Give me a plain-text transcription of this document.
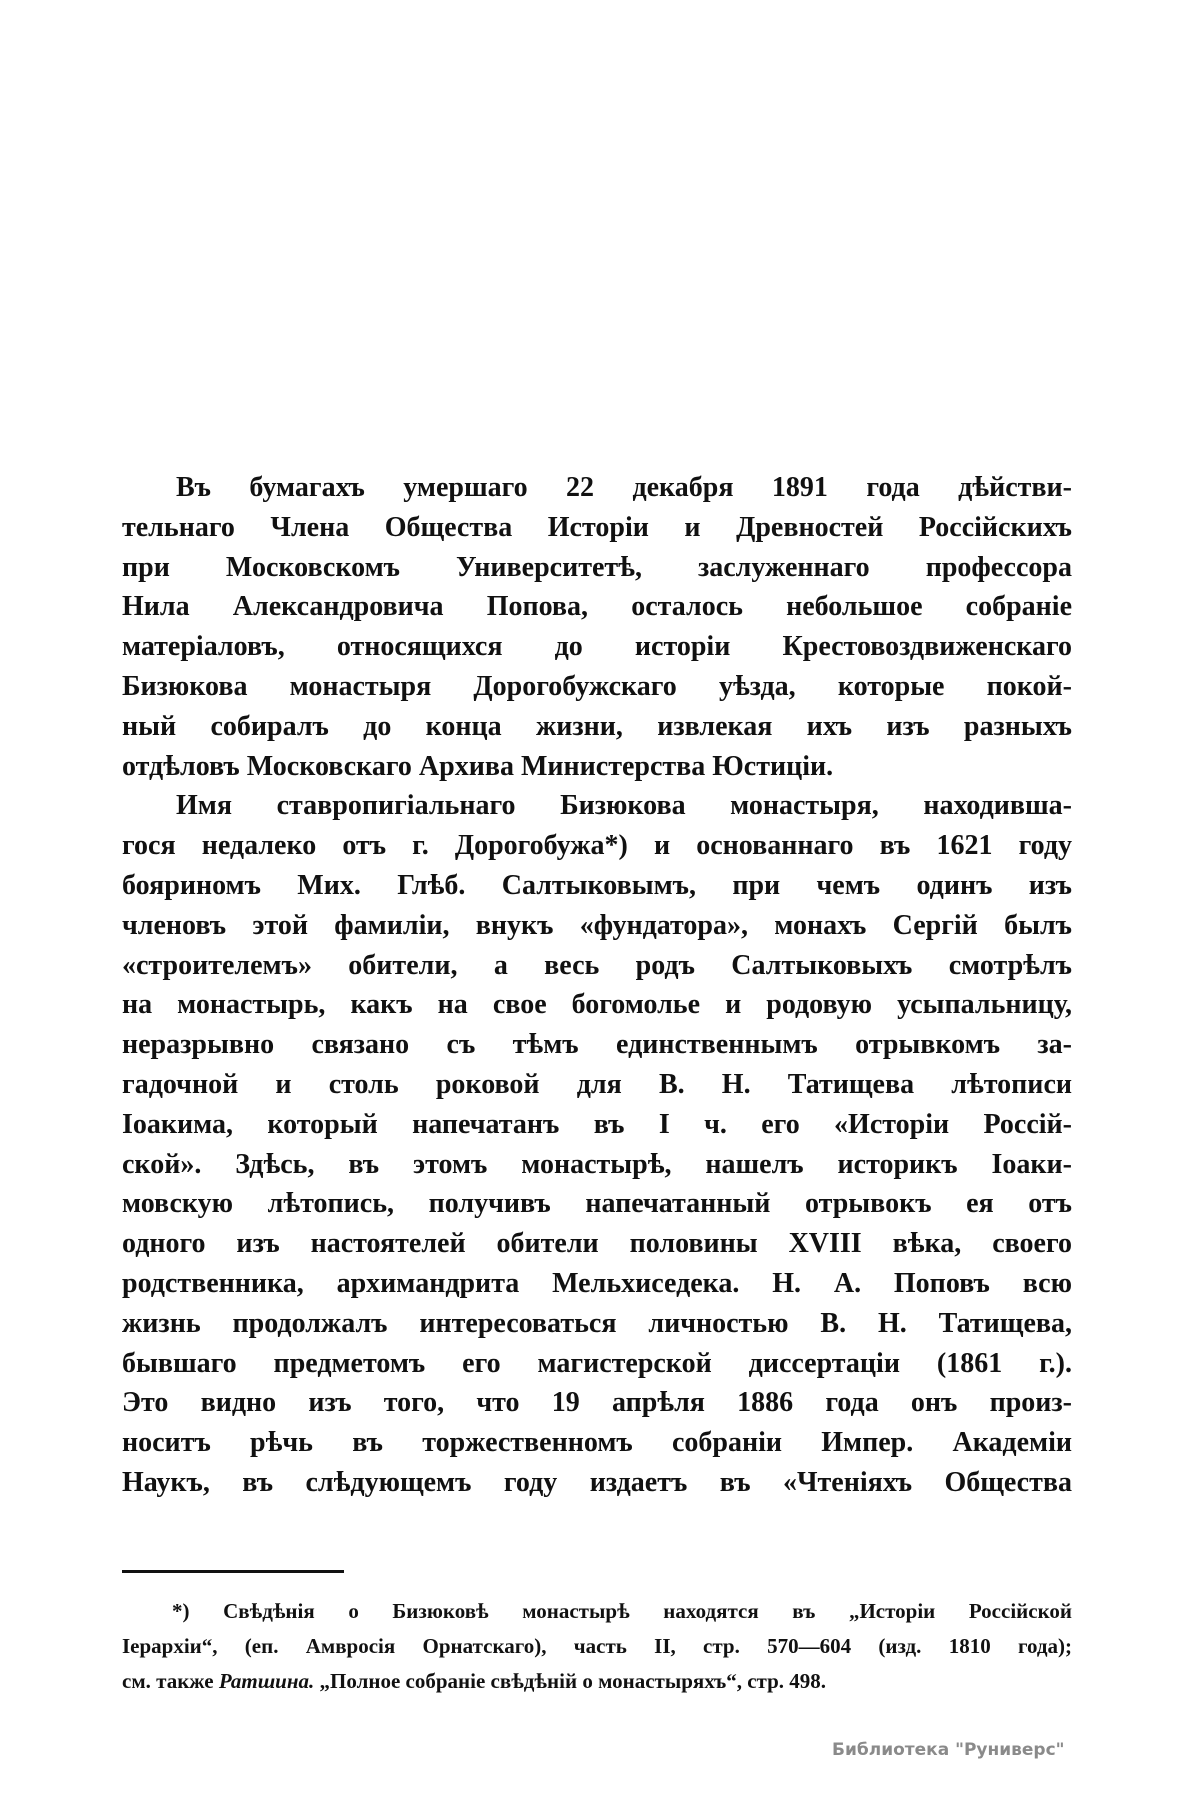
Въ бумагахъ умершаго 22 декабря 1891 года дѣйстви-
тельнаго Члена Общества Исторіи и Древностей Россійскихъ
при Московскомъ Университетѣ, заслуженнаго профессора
Нила Александровича Попова, осталось небольшое собраніе
матеріаловъ, относящихся до исторіи Крестовоздвиженскаго
Бизюкова монастыря Дорогобужскаго уѣзда, которые покой-
ный собиралъ до конца жизни, извлекая ихъ изъ разныхъ
отдѣловъ Московскаго Архива Министерства Юстиціи.
Имя ставропигіальнаго Бизюкова монастыря, находивша-
гося недалеко отъ г. Дорогобужа*) и основаннаго въ 1621 году
бояриномъ Мих. Глѣб. Салтыковымъ, при чемъ одинъ изъ
членовъ этой фамиліи, внукъ «фундатора», монахъ Сергій былъ
«строителемъ» обители, а весь родъ Салтыковыхъ смотрѣлъ
на монастырь, какъ на свое богомолье и родовую усыпальницу,
неразрывно связано съ тѣмъ единственнымъ отрывкомъ за-
гадочной и столь роковой для В. Н. Татищева лѣтописи
Іоакима, который напечатанъ въ I ч. его «Исторіи Россій-
ской». Здѣсь, въ этомъ монастырѣ, нашелъ историкъ Іоаки-
мовскую лѣтопись, получивъ напечатанный отрывокъ ея отъ
одного изъ настоятелей обители половины XVIII вѣка, своего
родственника, архимандрита Мельхиседека. Н. А. Поповъ всю
жизнь продолжалъ интересоваться личностью В. Н. Татищева,
бывшаго предметомъ его магистерской диссертаціи (1861 г.).
Это видно изъ того, что 19 апрѣля 1886 года онъ произ-
носитъ рѣчь въ торжественномъ собраніи Импер. Академіи
Наукъ, въ слѣдующемъ году издаетъ въ «Чтеніяхъ Общества
*) Свѣдѣнія о Бизюковѣ монастырѣ находятся въ „Исторіи Россійской
Іерархіи“, (еп. Амвросія Орнатскаго), часть II, стр. 570—604 (изд. 1810 года);
см. также Ратшина. „Полное собраніе свѣдѣній о монастыряхъ“, стр. 498.
Библиотека "Руниверс"
